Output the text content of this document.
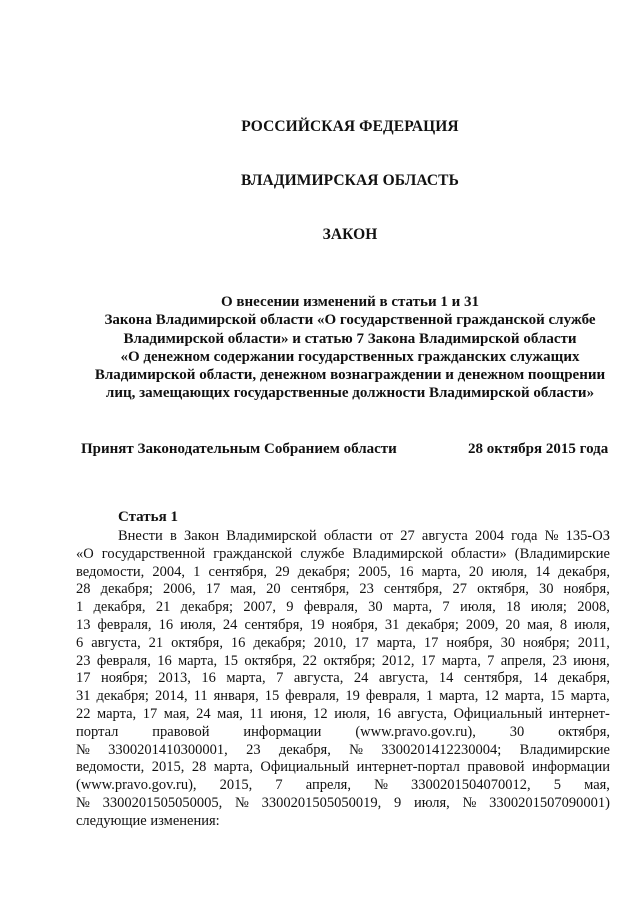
РОССИЙСКАЯ ФЕДЕРАЦИЯ
ВЛАДИМИРСКАЯ ОБЛАСТЬ
ЗАКОН
О внесении изменений в статьи 1 и 31
Закона Владимирской области «О государственной гражданской службе
Владимирской области» и статью 7 Закона Владимирской области
«О денежном содержании государственных гражданских служащих
Владимирской области, денежном вознаграждении и денежном поощрении
лиц, замещающих государственные должности Владимирской области»
Принят Законодательным Собранием области	28 октября 2015 года
Статья 1
Внести в Закон Владимирской области от 27 августа 2004 года № 135-ОЗ
«О государственной гражданской службе Владимирской области» (Владимирские
ведомости, 2004, 1 сентября, 29 декабря; 2005, 16 марта, 20 июля, 14 декабря,
28 декабря; 2006, 17 мая, 20 сентября, 23 сентября, 27 октября, 30 ноября,
1 декабря, 21 декабря; 2007, 9 февраля, 30 марта, 7 июля, 18 июля; 2008,
13 февраля, 16 июля, 24 сентября, 19 ноября, 31 декабря; 2009, 20 мая, 8 июля,
6 августа, 21 октября, 16 декабря; 2010, 17 марта, 17 ноября, 30 ноября; 2011,
23 февраля, 16 марта, 15 октября, 22 октября; 2012, 17 марта, 7 апреля, 23 июня,
17 ноября; 2013, 16 марта, 7 августа, 24 августа, 14 сентября, 14 декабря,
31 декабря; 2014, 11 января, 15 февраля, 19 февраля, 1 марта, 12 марта, 15 марта,
22 марта, 17 мая, 24 мая, 11 июня, 12 июля, 16 августа, Официальный интернет-
портал правовой информации (www.pravo.gov.ru), 30 октября,
№ 3300201410300001, 23 декабря, № 3300201412230004; Владимирские
ведомости, 2015, 28 марта, Официальный интернет-портал правовой информации
(www.pravo.gov.ru), 2015, 7 апреля, № 3300201504070012, 5 мая,
№ 3300201505050005, № 3300201505050019, 9 июля, № 3300201507090001)
следующие изменения:
